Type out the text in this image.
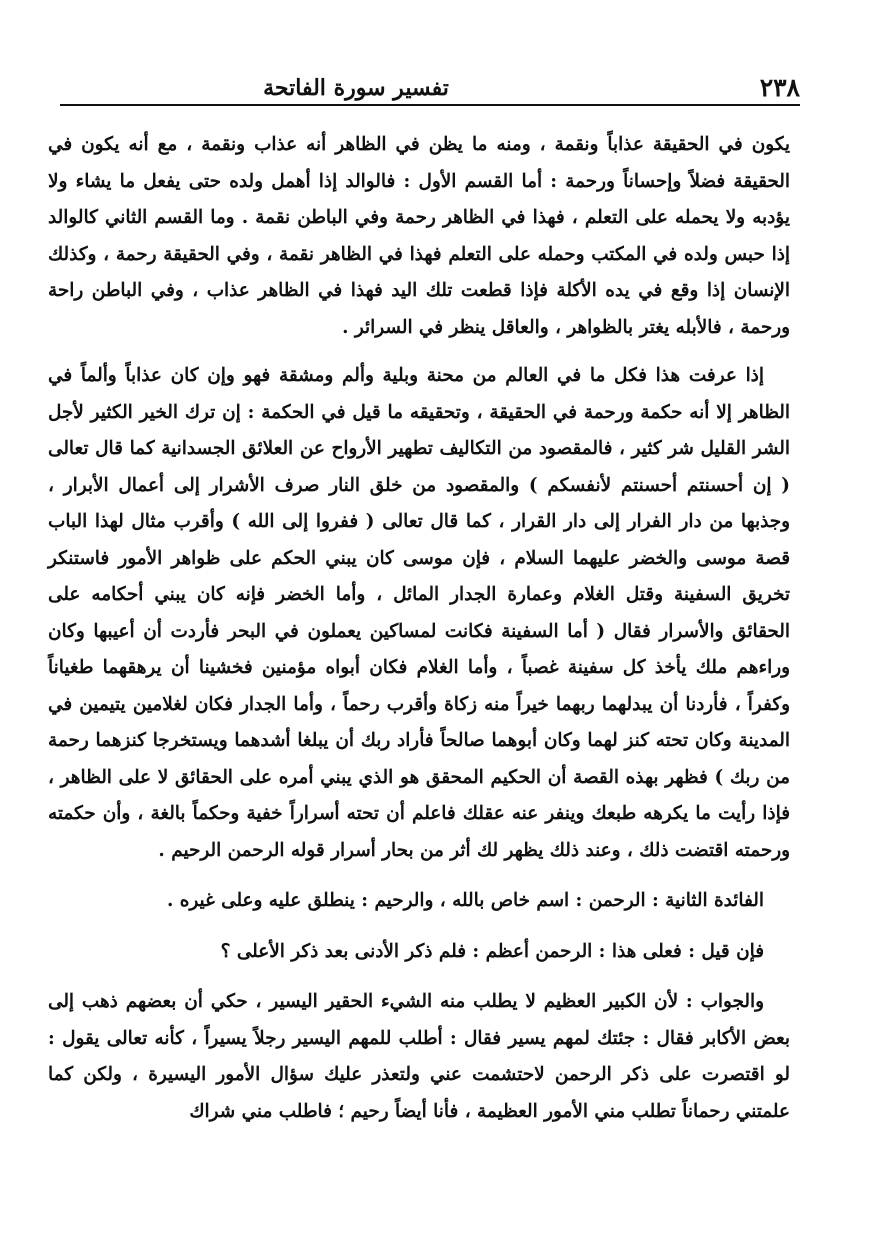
٢٣٨
تفسير سورة الفاتحة

يكون في الحقيقة عذاباً ونقمة ، ومنه ما يظن في الظاهر أنه عذاب ونقمة ، مع أنه يكون في الحقيقة فضلاً وإحساناً ورحمة : أما القسم الأول : فالوالد إذا أهمل ولده حتى يفعل ما يشاء ولا يؤدبه ولا يحمله على التعلم ، فهذا في الظاهر رحمة وفي الباطن نقمة . وما القسم الثاني كالوالد إذا حبس ولده في المكتب وحمله على التعلم فهذا في الظاهر نقمة ، وفي الحقيقة رحمة ، وكذلك الإنسان إذا وقع في يده الأكلة فإذا قطعت تلك اليد فهذا في الظاهر عذاب ، وفي الباطن راحة ورحمة ، فالأبله يغتر بالظواهر ، والعاقل ينظر في السرائر .

إذا عرفت هذا فكل ما في العالم من محنة وبلية وألم ومشقة فهو وإن كان عذاباً وألماً في الظاهر إلا أنه حكمة ورحمة في الحقيقة ، وتحقيقه ما قيل في الحكمة : إن ترك الخير الكثير لأجل الشر القليل شر كثير ، فالمقصود من التكاليف تطهير الأرواح عن العلائق الجسدانية كما قال تعالى ( إن أحسنتم أحسنتم لأنفسكم ) والمقصود من خلق النار صرف الأشرار إلى أعمال الأبرار ، وجذبها من دار الفرار إلى دار القرار ، كما قال تعالى ( ففروا إلى الله ) وأقرب مثال لهذا الباب قصة موسى والخضر عليهما السلام ، فإن موسى كان يبني الحكم على ظواهر الأمور فاستنكر تخريق السفينة وقتل الغلام وعمارة الجدار المائل ، وأما الخضر فإنه كان يبني أحكامه على الحقائق والأسرار فقال ( أما السفينة فكانت لمساكين يعملون في البحر فأردت أن أعيبها وكان وراءهم ملك يأخذ كل سفينة غصباً ، وأما الغلام فكان أبواه مؤمنين فخشينا أن يرهقهما طغياناً وكفراً ، فأردنا أن يبدلهما ربهما خيراً منه زكاة وأقرب رحماً ، وأما الجدار فكان لغلامين يتيمين في المدينة وكان تحته كنز لهما وكان أبوهما صالحاً فأراد ربك أن يبلغا أشدهما ويستخرجا كنزهما رحمة من ربك ) فظهر بهذه القصة أن الحكيم المحقق هو الذي يبني أمره على الحقائق لا على الظاهر ، فإذا رأيت ما يكرهه طبعك وينفر عنه عقلك فاعلم أن تحته أسراراً خفية وحكماً بالغة ، وأن حكمته ورحمته اقتضت ذلك ، وعند ذلك يظهر لك أثر من بحار أسرار قوله الرحمن الرحيم .

الفائدة الثانية : الرحمن : اسم خاص بالله ، والرحيم : ينطلق عليه وعلى غيره .

فإن قيل : فعلى هذا : الرحمن أعظم : فلم ذكر الأدنى بعد ذكر الأعلى ؟

والجواب : لأن الكبير العظيم لا يطلب منه الشيء الحقير اليسير ، حكي أن بعضهم ذهب إلى بعض الأكابر فقال : جئتك لمهم يسير فقال : أطلب للمهم اليسير رجلاً يسيراً ، كأنه تعالى يقول : لو اقتصرت على ذكر الرحمن لاحتشمت عني ولتعذر عليك سؤال الأمور اليسيرة ، ولكن كما علمتني رحماناً تطلب مني الأمور العظيمة ، فأنا أيضاً رحيم ؛ فاطلب مني شراك
